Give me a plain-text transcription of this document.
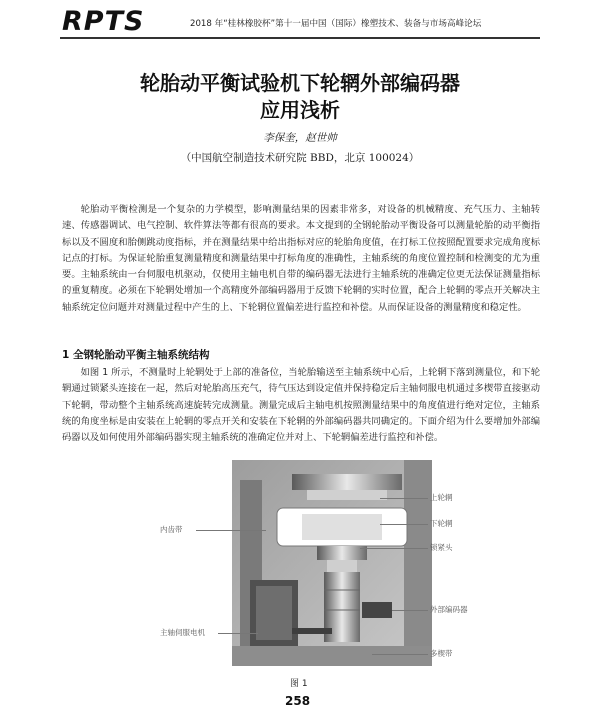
RPTS	2018 年“桂林橡胶杯”第十一届中国（国际）橡塑技术、装备与市场高峰论坛
轮胎动平衡试验机下轮辋外部编码器
应用浅析
李保奎，赵世帅
（中国航空制造技术研究院 BBD，北京 100024）

轮胎动平衡检测是一个复杂的力学模型，影响测量结果的因素非常多，对设备的机械精度、充气压力、主轴转速、传感器调试、电气控制、软件算法等都有很高的要求。本文提到的全钢轮胎动平衡设备可以测量轮胎的动平衡指标以及不圆度和胎侧跳动度指标，并在测量结果中给出指标对应的轮胎角度值，在打标工位按照配置要求完成角度标记点的打标。为保证轮胎重复测量精度和测量结果中打标角度的准确性，主轴系统的角度位置控制和检测变的尤为重要。主轴系统由一台伺服电机驱动，仅使用主轴电机自带的编码器无法进行主轴系统的准确定位更无法保证测量指标的重复精度。必须在下轮辋处增加一个高精度外部编码器用于反馈下轮辋的实时位置，配合上轮辋的零点开关解决主轴系统定位问题并对测量过程中产生的上、下轮辋位置偏差进行监控和补偿。从而保证设备的测量精度和稳定性。

1 全钢轮胎动平衡主轴系统结构

如图 1 所示，不测量时上轮辋处于上部的准备位，当轮胎输送至主轴系统中心后，上轮辋下落到测量位，和下轮辋通过锁紧头连接在一起，然后对轮胎高压充气，待气压达到设定值并保持稳定后主轴伺服电机通过多楔带直接驱动下轮辋，带动整个主轴系统高速旋转完成测量。测量完成后主轴电机按照测量结果中的角度值进行绝对定位，主轴系统的角度坐标是由安装在上轮辋的零点开关和安装在下轮辋的外部编码器共同确定的。下面介绍为什么要增加外部编码器以及如何使用外部编码器实现主轴系统的准确定位并对上、下轮辋偏差进行监控和补偿。

上轮辋
下轮辋
锁紧头
内齿带
外部编码器
主轴伺服电机
多楔带
图 1
258
